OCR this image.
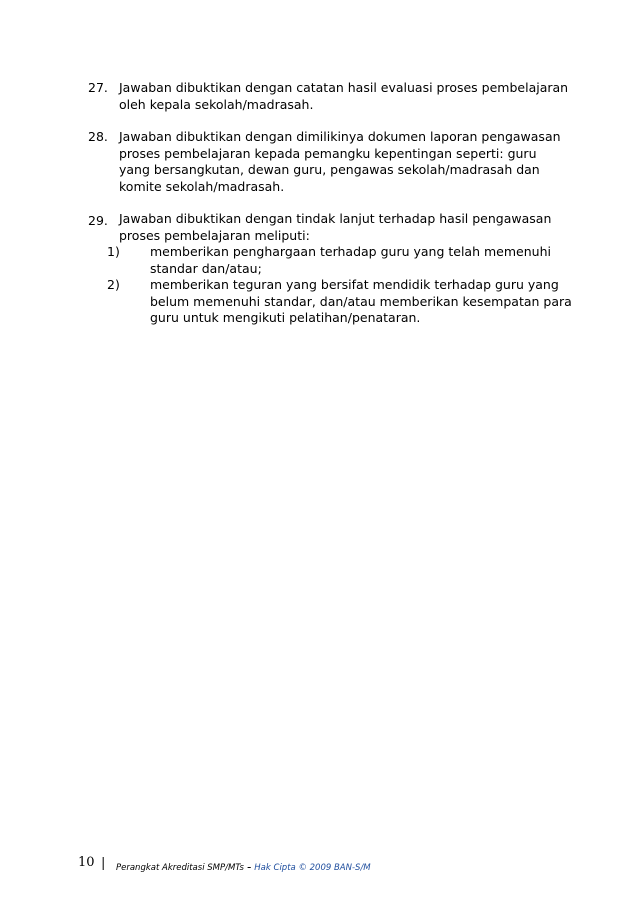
27. Jawaban dibuktikan dengan catatan hasil evaluasi proses pembelajaran
oleh kepala sekolah/madrasah.
28. Jawaban dibuktikan dengan dimilikinya dokumen laporan pengawasan
proses pembelajaran kepada pemangku kepentingan seperti: guru
yang bersangkutan, dewan guru, pengawas sekolah/madrasah dan
komite sekolah/madrasah.
29. Jawaban dibuktikan dengan tindak lanjut terhadap hasil pengawasan
proses pembelajaran meliputi:
1) memberikan penghargaan terhadap guru yang telah memenuhi
standar dan/atau;
2) memberikan teguran yang bersifat mendidik terhadap guru yang
belum memenuhi standar, dan/atau memberikan kesempatan para
guru untuk mengikuti pelatihan/penataran.
10 | Perangkat Akreditasi SMP/MTs - Hak Cipta © 2009 BAN-S/M
